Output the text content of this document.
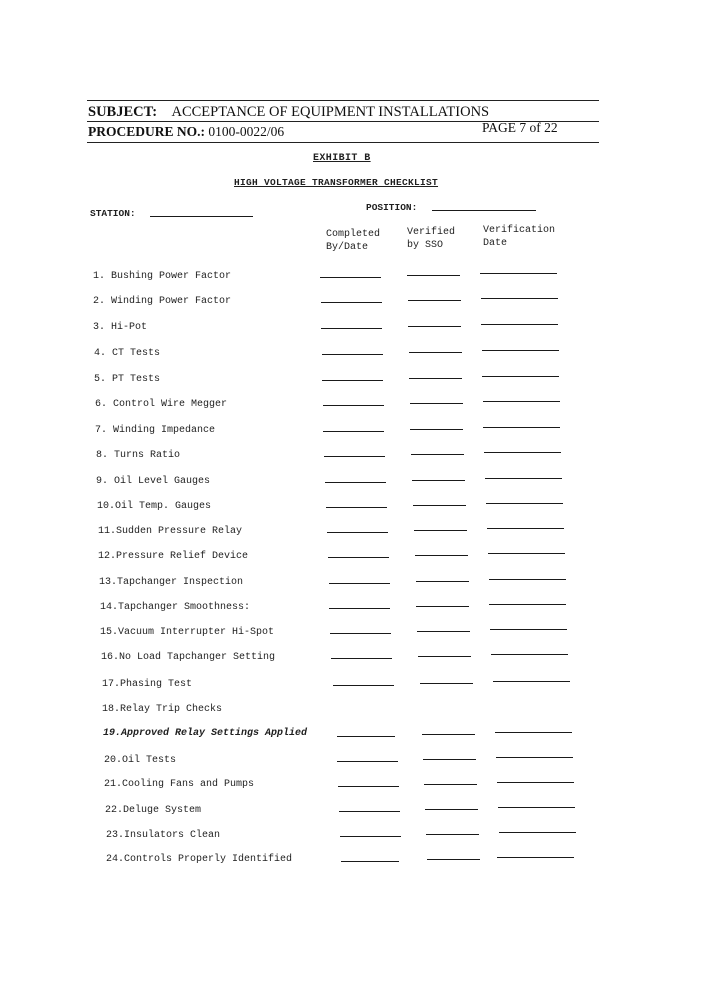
SUBJECT: ACCEPTANCE OF EQUIPMENT INSTALLATIONS
PROCEDURE NO.: 0100-0022/06	PAGE 7 of 22
EXHIBIT B
HIGH VOLTAGE TRANSFORMER CHECKLIST
STATION:
POSITION:
Completed
By/Date
Verified
by SSO
Verification
Date
1. Bushing Power Factor
2. Winding Power Factor
3. Hi-Pot
4. CT Tests
5. PT Tests
6. Control Wire Megger
7. Winding Impedance
8. Turns Ratio
9. Oil Level Gauges
10.Oil Temp. Gauges
11.Sudden Pressure Relay
12.Pressure Relief Device
13.Tapchanger Inspection
14.Tapchanger Smoothness:
15.Vacuum Interrupter Hi-Spot
16.No Load Tapchanger Setting
17.Phasing Test
18.Relay Trip Checks
19.Approved Relay Settings Applied
20.Oil Tests
21.Cooling Fans and Pumps
22.Deluge System
23.Insulators Clean
24.Controls Properly Identified
